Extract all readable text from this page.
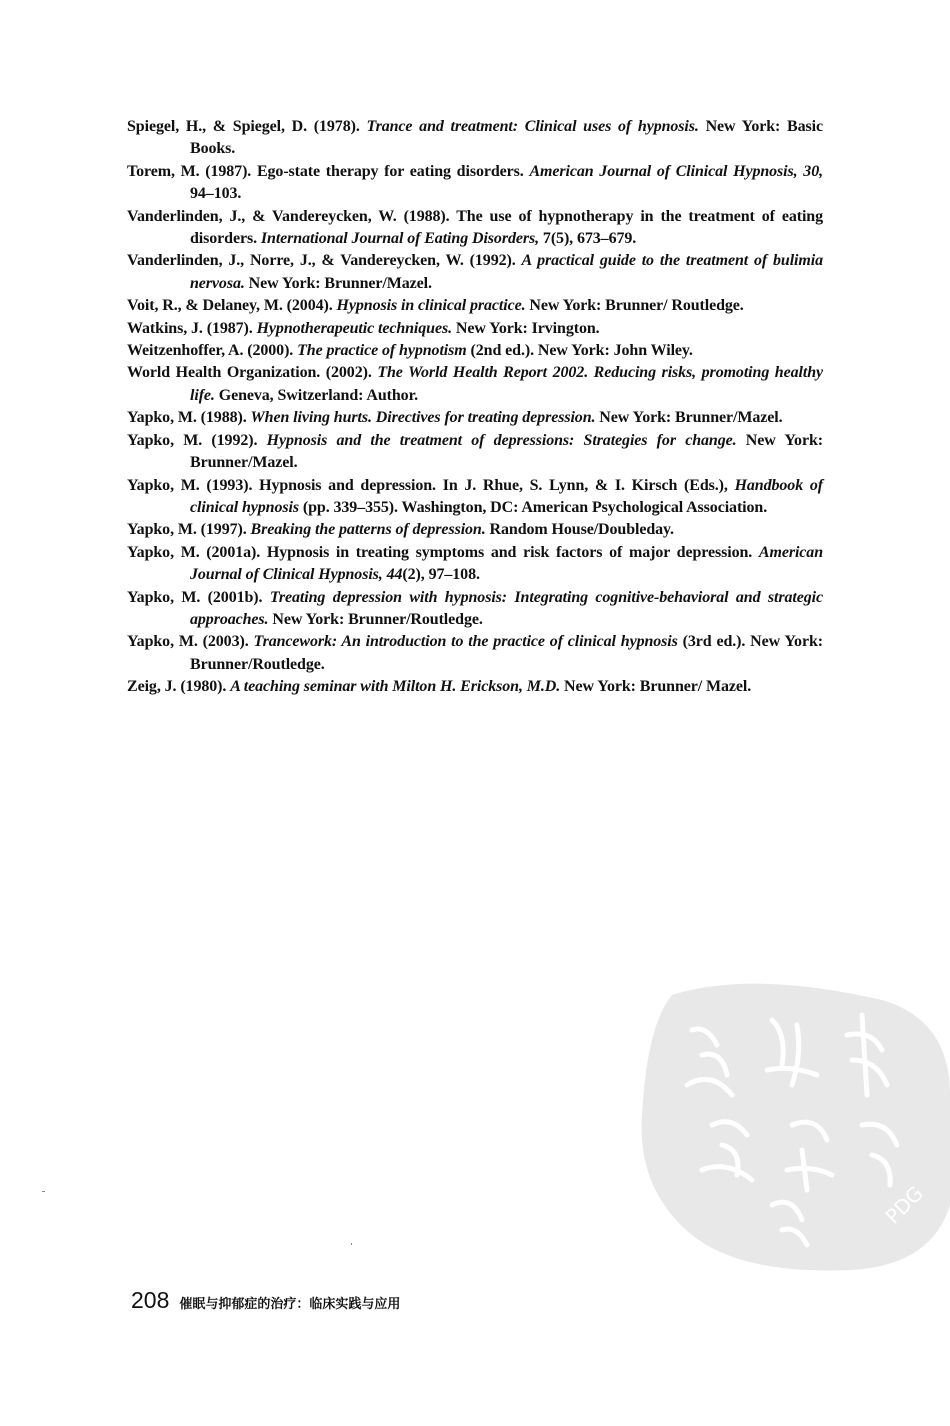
Spiegel, H., & Spiegel, D. (1978). Trance and treatment: Clinical uses of hypnosis. New York: Basic Books.

Torem, M. (1987). Ego-state therapy for eating disorders. American Journal of Clinical Hypnosis, 30, 94–103.

Vanderlinden, J., & Vandereycken, W. (1988). The use of hypnotherapy in the treatment of eating disorders. International Journal of Eating Disorders, 7(5), 673–679.

Vanderlinden, J., Norre, J., & Vandereycken, W. (1992). A practical guide to the treatment of bulimia nervosa. New York: Brunner/Mazel.

Voit, R., & Delaney, M. (2004). Hypnosis in clinical practice. New York: Brunner/ Routledge.

Watkins, J. (1987). Hypnotherapeutic techniques. New York: Irvington.

Weitzenhoffer, A. (2000). The practice of hypnotism (2nd ed.). New York: John Wiley.

World Health Organization. (2002). The World Health Report 2002. Reducing risks, promoting healthy life. Geneva, Switzerland: Author.

Yapko, M. (1988). When living hurts. Directives for treating depression. New York: Brunner/Mazel.

Yapko, M. (1992). Hypnosis and the treatment of depressions: Strategies for change. New York: Brunner/Mazel.

Yapko, M. (1993). Hypnosis and depression. In J. Rhue, S. Lynn, & I. Kirsch (Eds.), Handbook of clinical hypnosis (pp. 339–355). Washington, DC: American Psychological Association.

Yapko, M. (1997). Breaking the patterns of depression. Random House/Doubleday.

Yapko, M. (2001a). Hypnosis in treating symptoms and risk factors of major depression. American Journal of Clinical Hypnosis, 44(2), 97–108.

Yapko, M. (2001b). Treating depression with hypnosis: Integrating cognitive-behavioral and strategic approaches. New York: Brunner/Routledge.

Yapko, M. (2003). Trancework: An introduction to the practice of clinical hypnosis (3rd ed.). New York: Brunner/Routledge.

Zeig, J. (1980). A teaching seminar with Milton H. Erickson, M.D. New York: Brunner/ Mazel.

PDG
208 催眠与抑郁症的治疗：临床实践与应用
